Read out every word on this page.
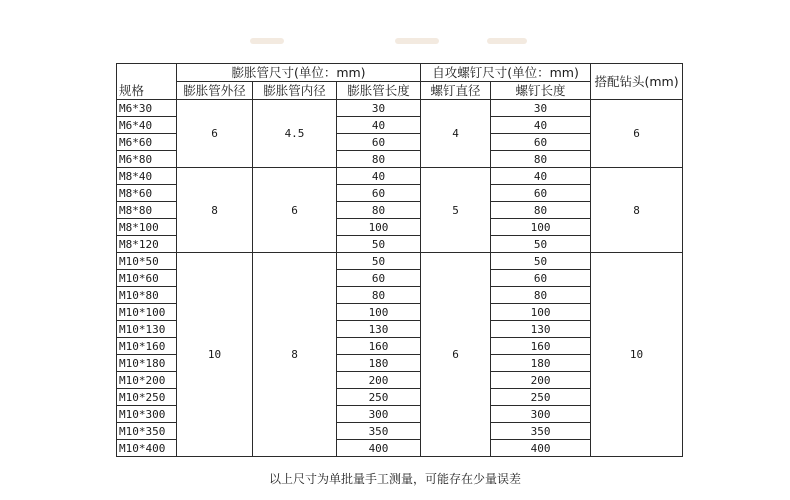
	膨胀管尺寸(单位：mm)			自攻螺钉尺寸(单位：mm)		搭配钻头(mm)
规格	膨胀管外径	膨胀管内径	膨胀管长度	螺钉直径	螺钉长度	
M6*30	6	4.5	30	4	30	6
M6*40			40		40	
M6*60			60		60	
M6*80			80		80	
M8*40	8	6	40	5	40	8
M8*60			60		60	
M8*80			80		80	
M8*100			100		100	
M8*120			50		50	
M10*50	10	8	50	6	50	10
M10*60			60		60	
M10*80			80		80	
M10*100			100		100	
M10*130			130		130	
M10*160			160		160	
M10*180			180		180	
M10*200			200		200	
M10*250			250		250	
M10*300			300		300	
M10*350			350		350	
M10*400			400		400	
以上尺寸为单批量手工测量，可能存在少量误差
